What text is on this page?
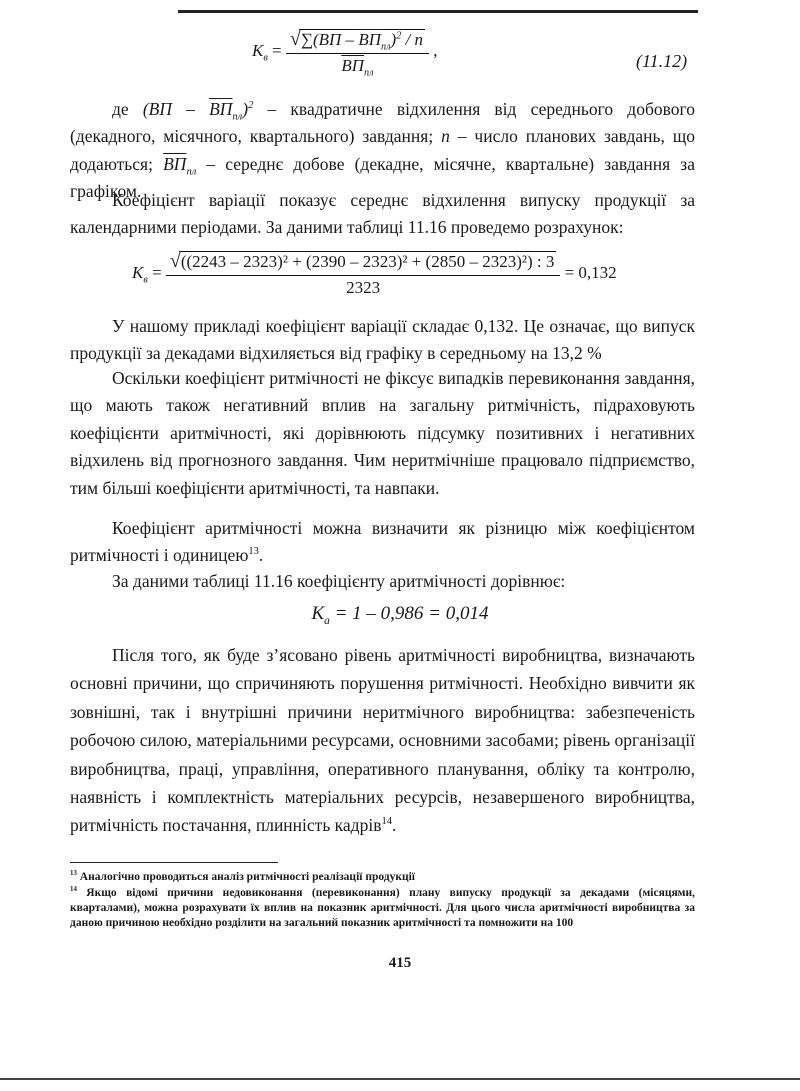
$K_в = \frac{√\sum(ВП - ВП_{пл})^2 / n}{ВП_{пл}}$ ,
(11.12)

де $(ВП - ВП_{пл})^2$ – квадратичне відхилення від середнього добового (декадного, місячного, квартального) завдання; n – число планових завдань, що додаються; $ВП_{пл}$ – середнє добове (декадне, місячне, квартальне) завдання за графіком.

Коефіцієнт варіації показує середнє відхилення випуску продукції за календарними періодами. За даними таблиці 11.16 проведемо розрахунок:

$K_в = \frac{\text{√((2243 – 2323)² + (2390 – 2323)² + (2850 – 2323)²) : 3}}{2323} = 0,132$

У нашому прикладі коефіцієнт варіації складає 0,132. Це означає, що випуск продукції за декадами відхиляється від графіку в середньому на 13,2 %

Оскільки коефіцієнт ритмічності не фіксує випадків перевиконання завдання, що мають також негативний вплив на загальну ритмічність, підраховують коефіцієнти аритмічності, які дорівнюють підсумку позитивних і негативних відхилень від прогнозного завдання. Чим неритмічніше працювало підприємство, тим більші коефіцієнти аритмічності, та навпаки.

Коефіцієнт аритмічності можна визначити як різницю між коефіцієнтом ритмічності і одиницею$^{13}$.

За даними таблиці 11.16 коефіцієнту аритмічності дорівнює:

$К_а = 1 - 0,986 = 0,014$

Після того, як буде з’ясовано рівень аритмічності виробництва, визначають основні причини, що спричиняють порушення ритмічності. Необхідно вивчити як зовнішні, так і внутрішні причини неритмічного виробництва: забезпеченість робочою силою, матеріальними ресурсами, основними засобами; рівень організації виробництва, праці, управління, оперативного планування, обліку та контролю, наявність і комплектність матеріальних ресурсів, незавершеного виробництва, ритмічність постачання, плинність кадрів$^{14}$.

$^{13}$ Аналогічно проводиться аналіз ритмічності реалізації продукції

$^{14}$ Якщо відомі причини недовиконання (перевиконання) плану випуску продукції за декадами (місяцями, кварталами), можна розрахувати їх вплив на показник аритмічності. Для цього числа аритмічності виробництва за даною причиною необхідно розділити на загальний показник аритмічності та помножити на 100

415
